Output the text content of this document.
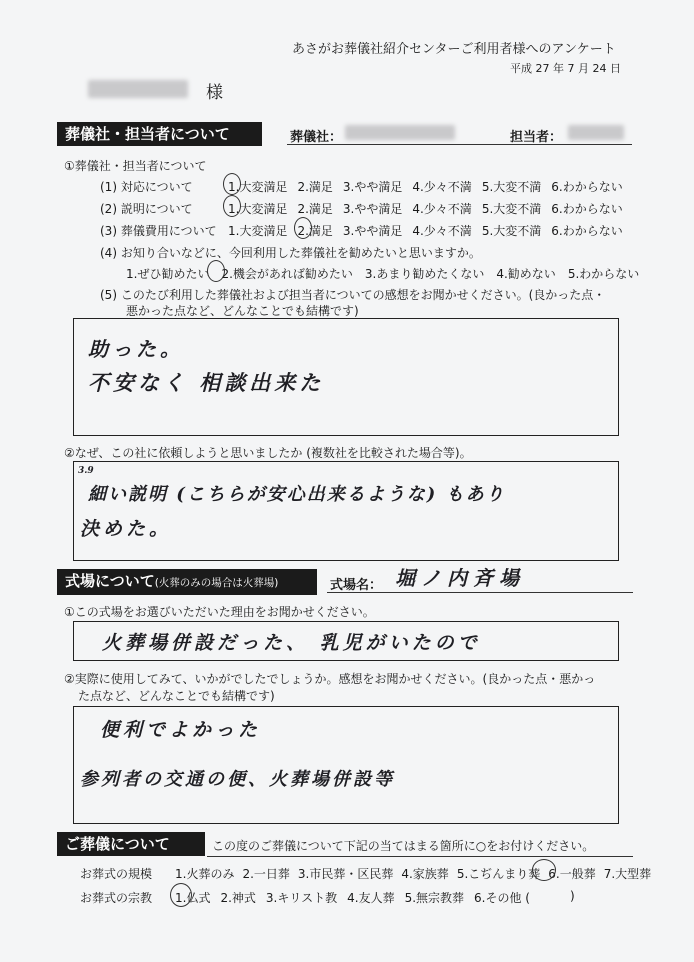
あさがお葬儀社紹介センターご利用者様へのアンケート
平成 27 年 7 月 24 日
様
葬儀社・担当者について	葬儀社：	担当者：
①葬儀社・担当者について
(1) 対応について	1.大変満足 2.満足 3.やや満足 4.少々不満 5.大変不満 6.わからない
(2) 説明について	1.大変満足 2.満足 3.やや満足 4.少々不満 5.大変不満 6.わからない
(3) 葬儀費用について 1.大変満足 2.満足 3.やや満足 4.少々不満 5.大変不満 6.わからない
(4) お知り合いなどに、今回利用した葬儀社を勧めたいと思いますか。
1.ぜひ勧めたい 2.機会があれば勧めたい 3.あまり勧めたくない 4.勧めない 5.わからない
(5) このたび利用した葬儀社および担当者についての感想をお聞かせください。(良かった点・
悪かった点など、どんなことでも結構です)
助った。
不安なく 相談出来た
②なぜ、この社に依頼しようと思いましたか (複数社を比較された場合等)。
3.9
細い説明 (こちらが安心出来るような) もあり
決めた。
式場について(火葬のみの場合は火葬場)	式場名： 堀ノ内斉場
①この式場をお選びいただいた理由をお聞かせください。
火葬場併設だった、 乳児がいたので
②実際に使用してみて、いかがでしたでしょうか。感想をお聞かせください。(良かった点・悪かっ
た点など、どんなことでも結構です)
便利でよかった
参列者の交通の便、火葬場併設等
ご葬儀について	この度のご葬儀について下記の当てはまる箇所に○をお付けください。
お葬式の規模 1.火葬のみ 2.一日葬 3.市民葬・区民葬 4.家族葬 5.こぢんまり葬 6.一般葬 7.大型葬
お葬式の宗教 1.仏式 2.神式 3.キリスト教 4.友人葬 5.無宗教葬 6.その他 (	)
